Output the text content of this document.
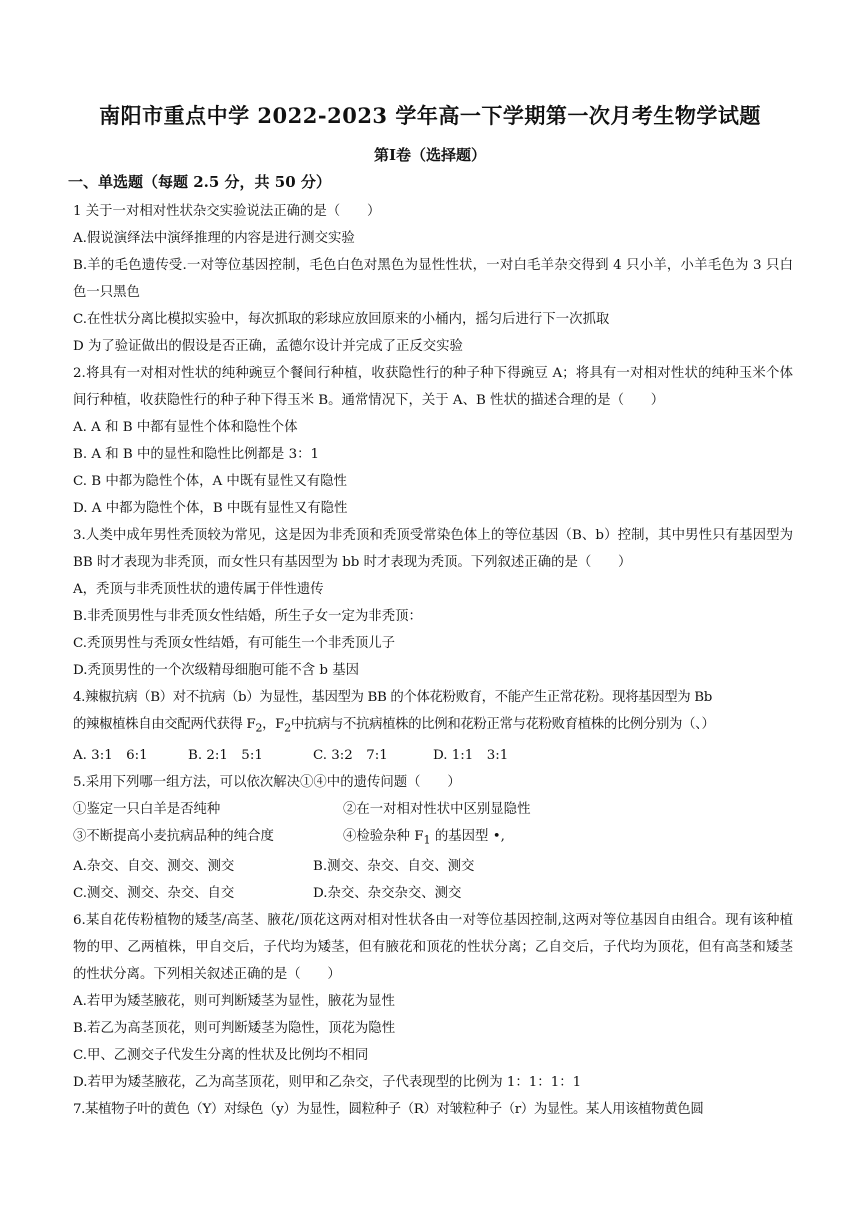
南阳市重点中学 2022-2023 学年高一下学期第一次月考生物学试题
第Ⅰ卷（选择题）
一、单选题（每题 2.5 分，共 50 分）

1 关于一对相对性状杂交实验说法正确的是（　　）

A.假说演绎法中演绎推理的内容是进行测交实验

B.羊的毛色遗传受.一对等位基因控制，毛色白色对黑色为显性性状，一对白毛羊杂交得到 4 只小羊，小羊毛色为 3 只白色一只黑色

C.在性状分离比模拟实验中，每次抓取的彩球应放回原来的小桶内，摇匀后进行下一次抓取

D 为了验证做出的假设是否正确，孟德尔设计并完成了正反交实验

2.将具有一对相对性状的纯种豌豆个餐间行种植，收获隐性行的种子种下得豌豆 A；将具有一对相对性状的纯种玉米个体间行种植，收获隐性行的种子种下得玉米 B。通常情况下，关于 A、B 性状的描述合理的是（　　）

A. A 和 B 中都有显性个体和隐性个体

B. A 和 B 中的显性和隐性比例都是 3：1

C. B 中都为隐性个体，A 中既有显性又有隐性

D. A 中都为隐性个体，B 中既有显性又有隐性

3.人类中成年男性秃顶较为常见，这是因为非秃顶和秃顶受常染色体上的等位基因（B、b）控制，其中男性只有基因型为 BB 时才表现为非秃顶，而女性只有基因型为 bb 时才表现为秃顶。下列叙述正确的是（　　）

A，秃顶与非秃顶性状的遗传属于伴性遗传

B.非秃顶男性与非秃顶女性结婚，所生子女一定为非秃顶：

C.秃顶男性与秃顶女性结婚，有可能生一个非秃顶儿子

D.秃顶男性的一个次级精母细胞可能不含 b 基因

4.辣椒抗病（B）对不抗病（b）为显性，基因型为 BB 的个体花粉败育，不能产生正常花粉。现将基因型为 Bb

的辣椒植株自由交配两代获得 $F_2$，$F_2$中抗病与不抗病植株的比例和花粉正常与花粉败育植株的比例分别为（、）

A. 3:1　6:1	B. 2:1　5:1	C. 3:2　7:1	D. 1:1　3:1

5.采用下列哪一组方法，可以依次解决①④中的遗传问题（　　）

①鉴定一只白羊是否纯种	②在一对相对性状中区别显隐性
③不断提高小麦抗病品种的纯合度	④检验杂种 $F_1$ 的基因型 •,
A.杂交、自交、测交、测交	B.测交、杂交、自交、测交
C.测交、测交、杂交、自交	D.杂交、杂交杂交、测交

6.某自花传粉植物的矮茎/高茎、腋花/顶花这两对相对性状各由一对等位基因控制,这两对等位基因自由组合。现有该种植物的甲、乙两植株，甲自交后，子代均为矮茎，但有腋花和顶花的性状分离；乙自交后，子代均为顶花，但有高茎和矮茎的性状分离。下列相关叙述正确的是（　　）

A.若甲为矮茎腋花，则可判断矮茎为显性，腋花为显性

B.若乙为高茎顶花，则可判断矮茎为隐性，顶花为隐性

C.甲、乙测交子代发生分离的性状及比例均不相同

D.若甲为矮茎腋花，乙为高茎顶花，则甲和乙杂交，子代表现型的比例为 1：1：1：1

7.某植物子叶的黄色（Y）对绿色（y）为显性，圆粒种子（R）对皱粒种子（r）为显性。某人用该植物黄色圆
